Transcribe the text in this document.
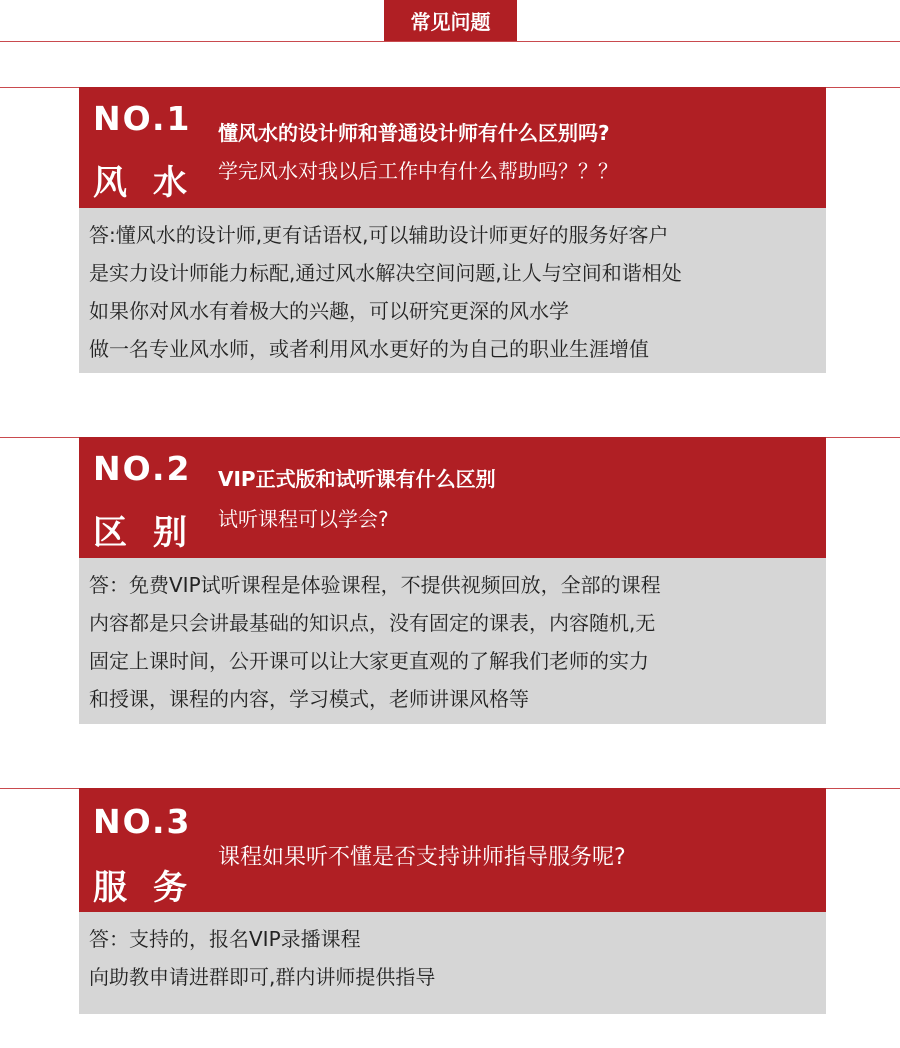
常见问题
NO.1
风水
懂风水的设计师和普通设计师有什么区别吗?
学完风水对我以后工作中有什么帮助吗？？？
答:懂风水的设计师,更有话语权,可以辅助设计师更好的服务好客户
是实力设计师能力标配,通过风水解决空间问题,让人与空间和谐相处
如果你对风水有着极大的兴趣，可以研究更深的风水学
做一名专业风水师，或者利用风水更好的为自己的职业生涯增值
NO.2
区别
VIP正式版和试听课有什么区别
试听课程可以学会?
答：免费VIP试听课程是体验课程，不提供视频回放，全部的课程
内容都是只会讲最基础的知识点，没有固定的课表，内容随机,无
固定上课时间，公开课可以让大家更直观的了解我们老师的实力
和授课，课程的内容，学习模式，老师讲课风格等
NO.3
服务
课程如果听不懂是否支持讲师指导服务呢?
答：支持的，报名VIP录播课程
向助教申请进群即可,群内讲师提供指导
